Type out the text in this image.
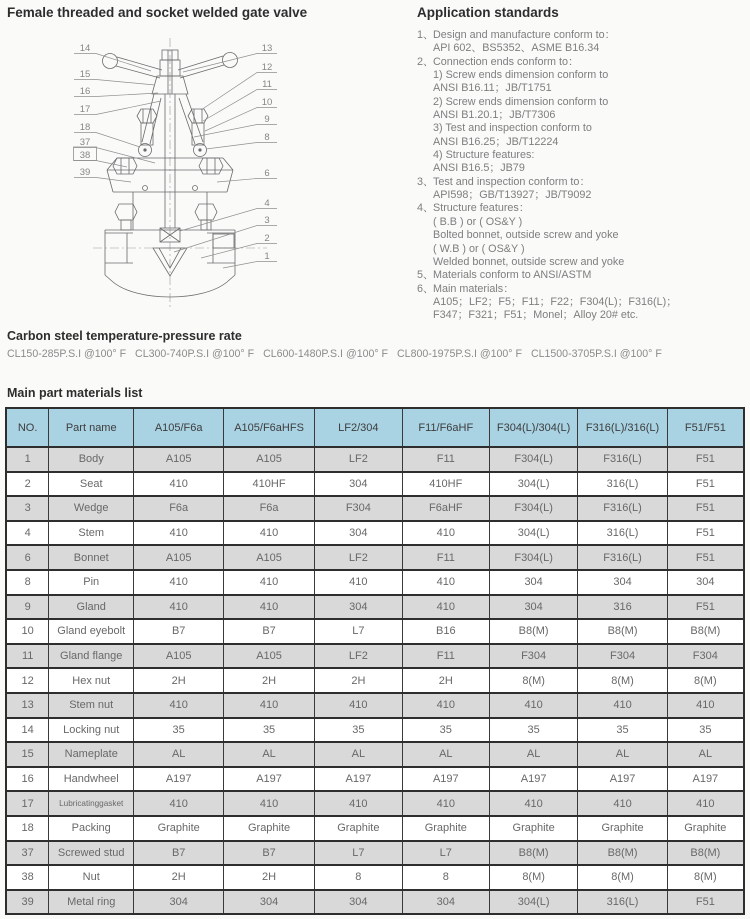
Female threaded and socket welded gate valve
14
15
16
17
18
37
38
39
13
12
11
10
9
8
6
4
3
2
1
Application standards
1、 Design and manufacture conform to：
API 602、BS5352、ASME B16.34
2、 Connection ends conform to：
1) Screw ends dimension conform to
ANSI B16.11；JB/T1751
2) Screw ends dimension conform to
ANSI B1.20.1；JB/T7306
3) Test and inspection conform to
ANSI B16.25；JB/T12224
4) Structure features:
ANSI B16.5；JB79
3、 Test and inspection conform to：
API598；GB/T13927；JB/T9092
4、 Structure features：
( B.B ) or ( OS&Y )
Bolted bonnet, outside screw and yoke
( W.B ) or ( OS&Y )
Welded bonnet, outside screw and yoke
5、 Materials conform to ANSI/ASTM
6、 Main materials：
A105；LF2；F5；F11；F22；F304(L)；F316(L)；
F347；F321；F51；Monel；Alloy 20# etc.
Carbon steel temperature-pressure rate
CL150-285P.S.I @100° F CL300-740P.S.I @100° F CL600-1480P.S.I @100° F CL800-1975P.S.I @100° F CL1500-3705P.S.I @100° F
Main part materials list
NO.	Part name	A105/F6a	A105/F6aHFS	LF2/304	F11/F6aHF	F304(L)/304(L)	F316(L)/316(L)	F51/F51
1	Body	A105	A105	LF2	F11	F304(L)	F316(L)	F51
2	Seat	410	410HF	304	410HF	304(L)	316(L)	F51
3	Wedge	F6a	F6a	F304	F6aHF	F304(L)	F316(L)	F51
4	Stem	410	410	304	410	304(L)	316(L)	F51
6	Bonnet	A105	A105	LF2	F11	F304(L)	F316(L)	F51
8	Pin	410	410	410	410	304	304	304
9	Gland	410	410	304	410	304	316	F51
10	Gland eyebolt	B7	B7	L7	B16	B8(M)	B8(M)	B8(M)
11	Gland flange	A105	A105	LF2	F11	F304	F304	F304
12	Hex nut	2H	2H	2H	2H	8(M)	8(M)	8(M)
13	Stem nut	410	410	410	410	410	410	410
14	Locking nut	35	35	35	35	35	35	35
15	Nameplate	AL	AL	AL	AL	AL	AL	AL
16	Handwheel	A197	A197	A197	A197	A197	A197	A197
17	Lubricatinggasket	410	410	410	410	410	410	410
18	Packing	Graphite	Graphite	Graphite	Graphite	Graphite	Graphite	Graphite
37	Screwed stud	B7	B7	L7	L7	B8(M)	B8(M)	B8(M)
38	Nut	2H	2H	8	8	8(M)	8(M)	8(M)
39	Metal ring	304	304	304	304	304(L)	316(L)	F51
